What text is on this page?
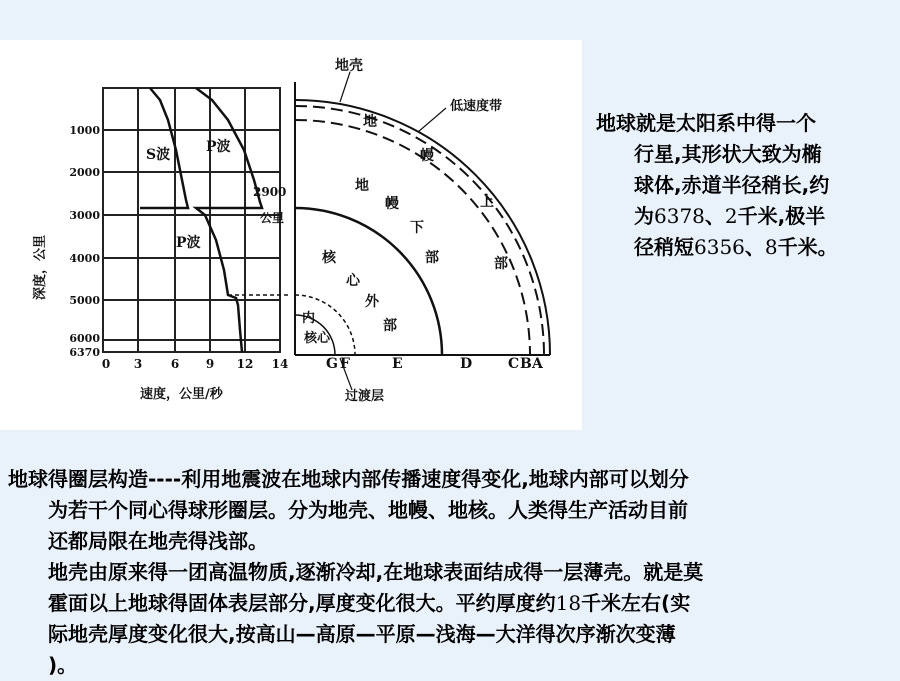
S波	P波
P波
1000
2000
3000
4000
5000
6000
6370
0 3 6 9 12 14
速度，公里/秒
深度，公里
地壳
低速度带
地
幔
上
部
地
幔
下
部
核
心
外
部
内
核心
过渡层
2900
公里
G F	E	D	C B A
地球就是太阳系中得一个
行星,其形状大致为椭
球体,赤道半径稍长,约
为6378、2千米,极半
径稍短6356、8千米。
地球得圈层构造----利用地震波在地球内部传播速度得变化,地球内部可以划分
为若干个同心得球形圈层。分为地壳、地幔、地核。人类得生产活动目前
还都局限在地壳得浅部。
地壳由原来得一团高温物质,逐渐冷却,在地球表面结成得一层薄壳。就是莫
霍面以上地球得固体表层部分,厚度变化很大。平约厚度约18千米左右(实
际地壳厚度变化很大,按高山—高原—平原—浅海—大洋得次序渐次变薄
)。
